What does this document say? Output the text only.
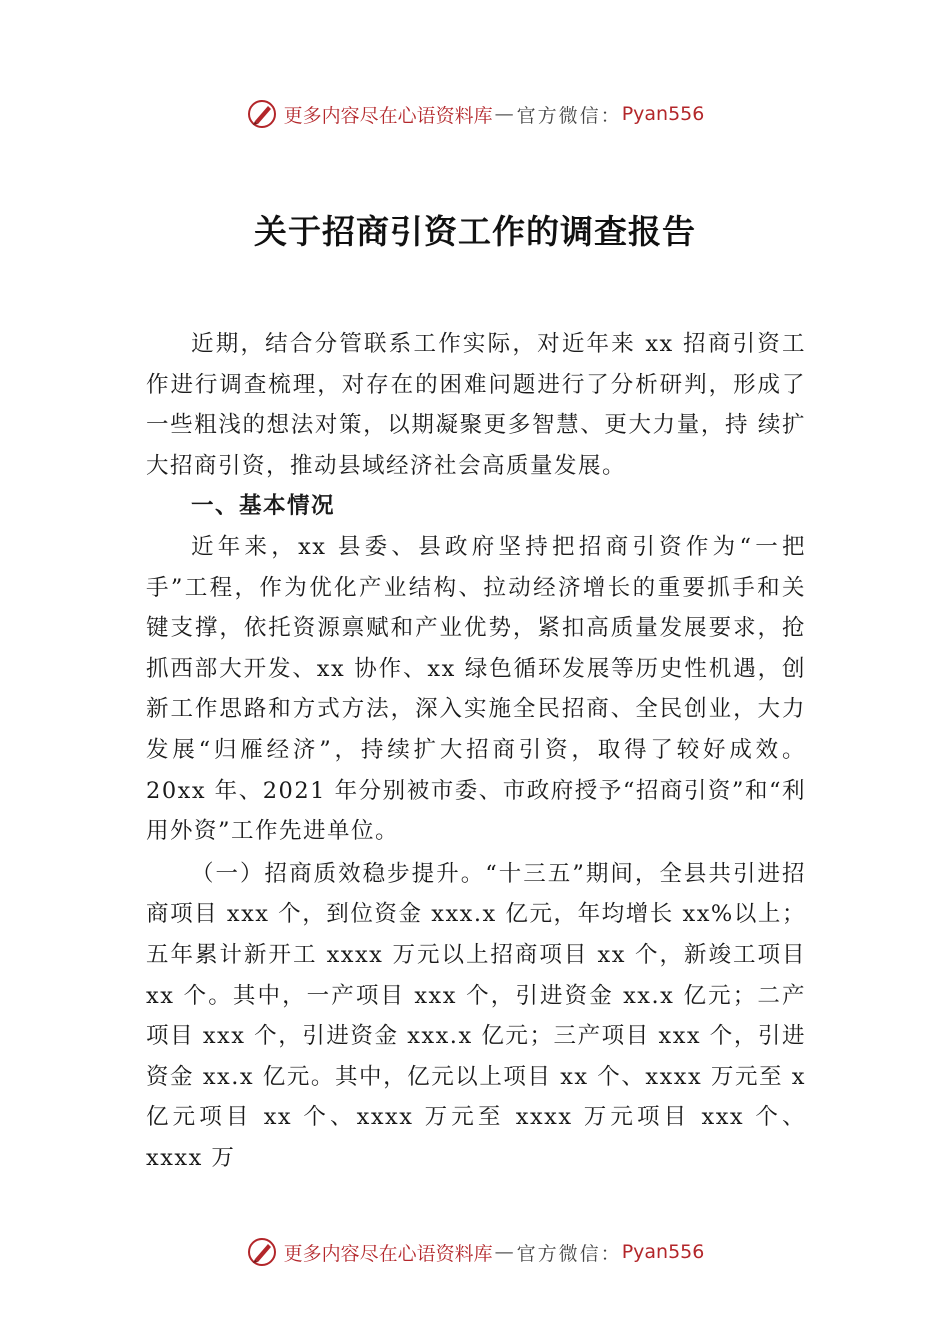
更多内容尽在心语资料库 — 官方微信： Pyan556
关于招商引资工作的调查报告

近期，结合分管联系工作实际，对近年来 xx 招商引资工作进行调查梳理，对存在的困难问题进行了分析研判，形成了一些粗浅的想法对策，以期凝聚更多智慧、更大力量，持 续扩大招商引资，推动县域经济社会高质量发展。

一、基本情况

近年来，xx 县委、县政府坚持把招商引资作为“一把手”工程，作为优化产业结构、拉动经济增长的重要抓手和关键支撑，依托资源禀赋和产业优势，紧扣高质量发展要求，抢抓西部大开发、xx 协作、xx 绿色循环发展等历史性机遇，创新工作思路和方式方法，深入实施全民招商、全民创业，大力发展“归雁经济”，持续扩大招商引资，取得了较好成效。20xx 年、2021 年分别被市委、市政府授予“招商引资”和“利用外资”工作先进单位。

（一）招商质效稳步提升。“十三五”期间，全县共引进招商项目 xxx 个，到位资金 xxx.x 亿元，年均增长 xx%以上； 五年累计新开工 xxxx 万元以上招商项目 xx 个，新竣工项目 xx 个。其中，一产项目 xxx 个，引进资金 xx.x 亿元；二产项目 xxx 个，引进资金 xxx.x 亿元；三产项目 xxx 个，引进资金 xx.x 亿元。其中，亿元以上项目 xx 个、xxxx 万元至 x 亿元项目 xx 个、xxxx 万元至 xxxx 万元项目 xxx 个、xxxx 万

更多内容尽在心语资料库 — 官方微信： Pyan556
